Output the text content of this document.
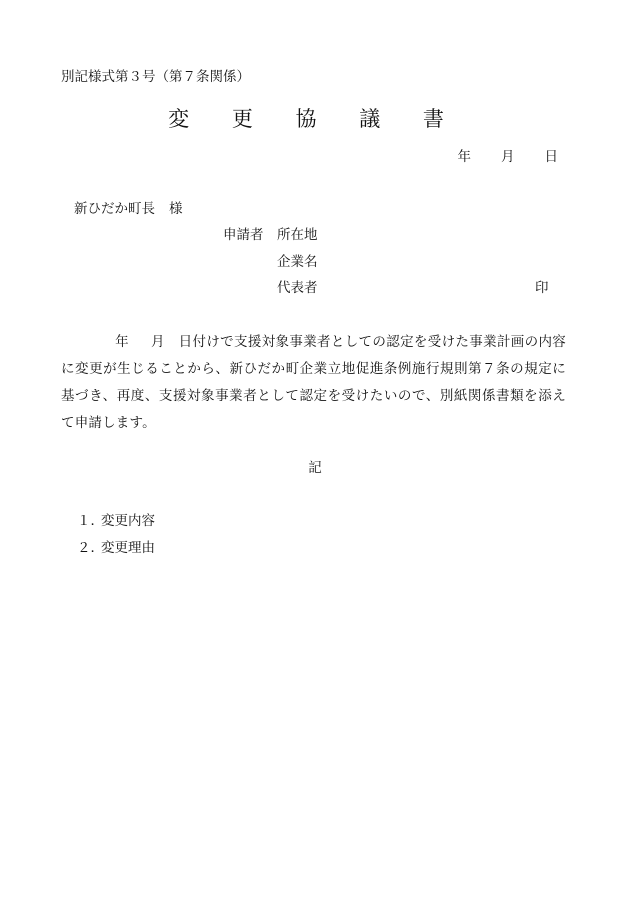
別記様式第３号（第７条関係）
変 更 協 議 書
年 月 日
新ひだか町長 様
申請者 所在地
企業名
代表者	印
年　 月　 日付けで支援対象事業者としての認定を受けた事業計画の内容に変更が生じることから、新ひだか町企業立地促進条例施行規則第７条の規定に基づき、再度、支援対象事業者として認定を受けたいので、別紙関係書類を添えて申請します。
記
１．変更内容
２．変更理由
